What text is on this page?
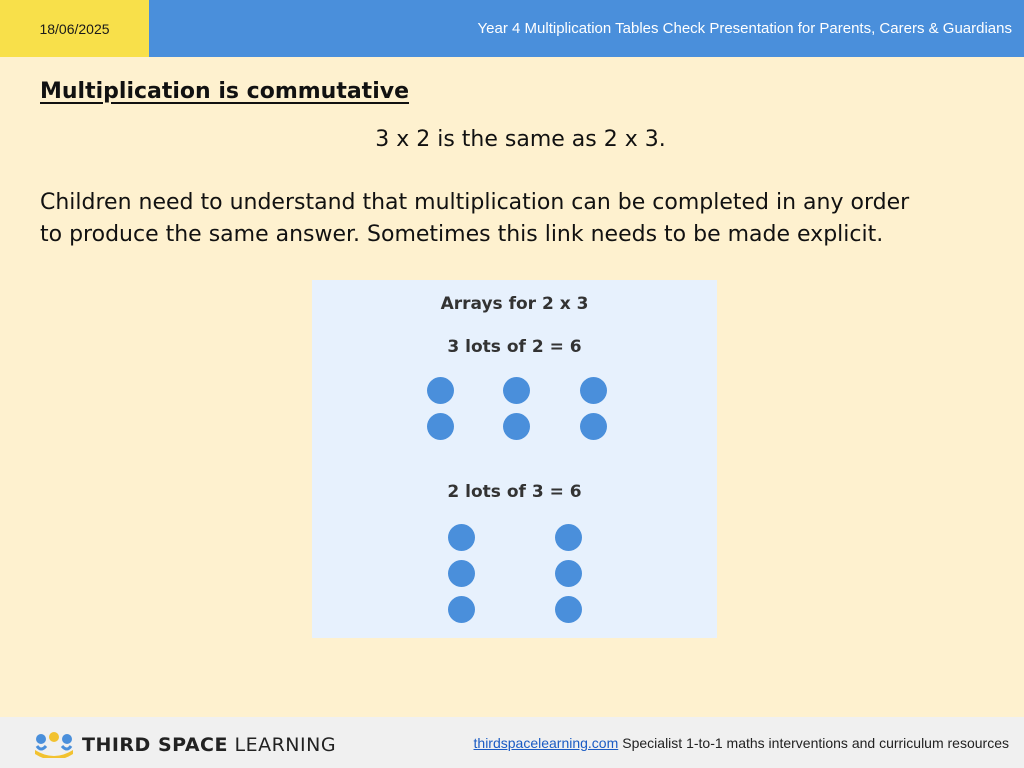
18/06/2025	Year 4 Multiplication Tables Check Presentation for Parents, Carers & Guardians
Multiplication is commutative
3 x 2 is the same as 2 x 3.
Children need to understand that multiplication can be completed in any order
to produce the same answer. Sometimes this link needs to be made explicit.
Arrays for 2 x 3
3 lots of 2 = 6
2 lots of 3 = 6
THIRD SPACE LEARNING	thirdspacelearning.com Specialist 1-to-1 maths interventions and curriculum resources
